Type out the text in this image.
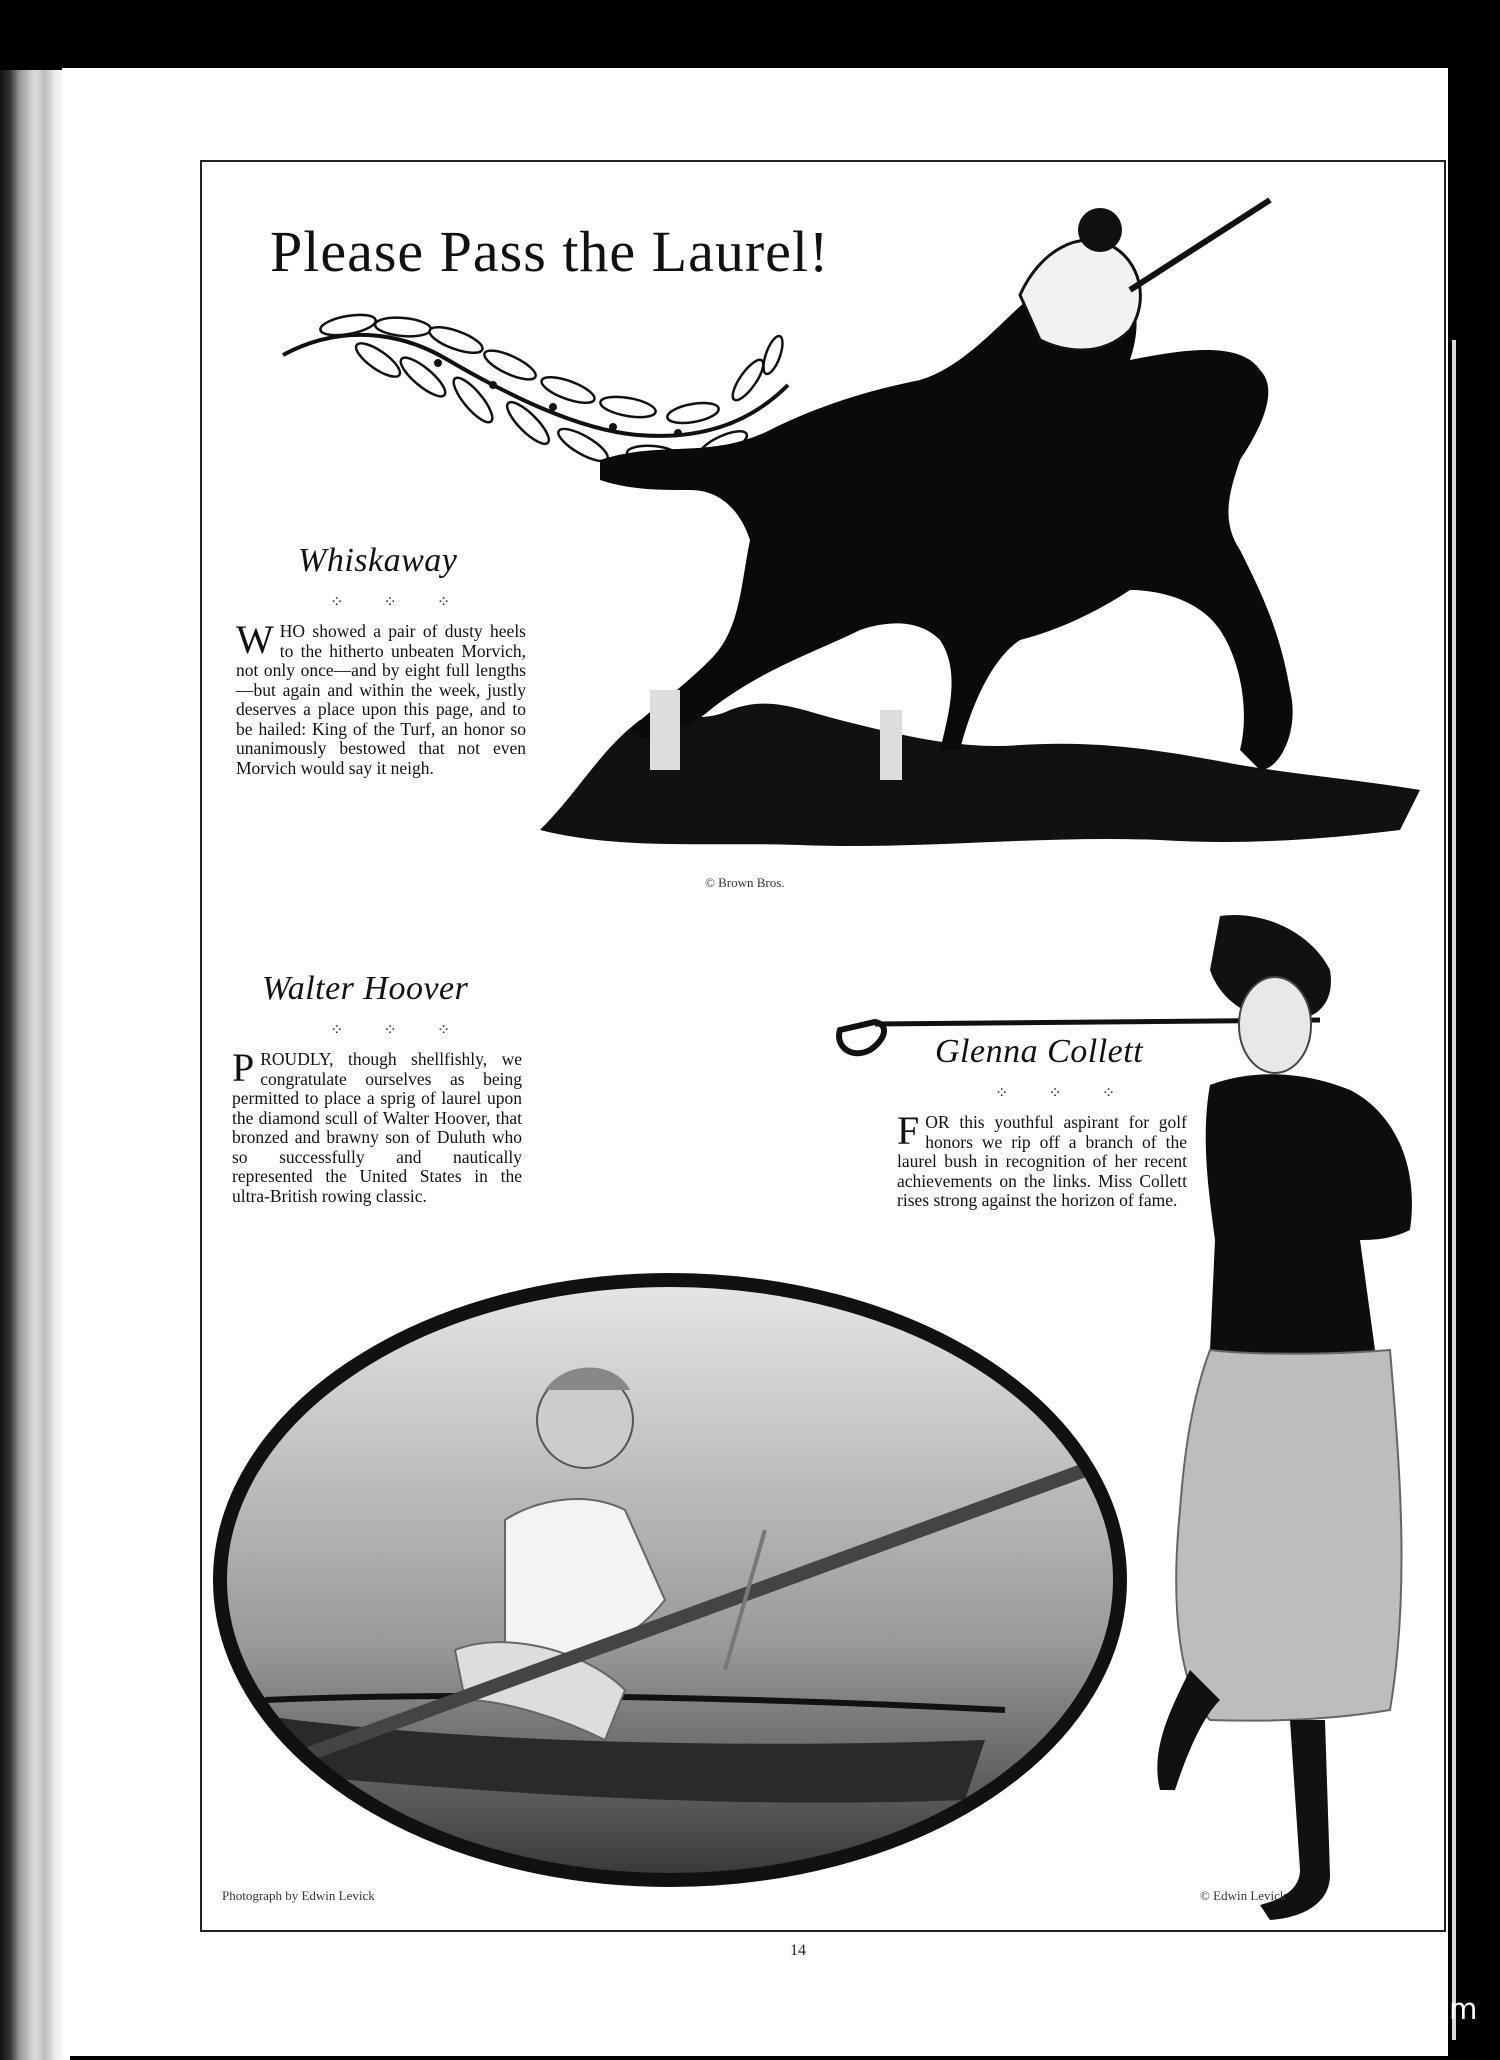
Please Pass the Laurel!
© Brown Bros.
Whiskaway
⁘ ⁘ ⁘

WHO showed a pair of dusty heels to the hitherto unbeaten Morvich, not only once—and by eight full lengths—but again and within the week, justly deserves a place upon this page, and to be hailed: King of the Turf, an honor so unanimously bestowed that not even Morvich would say it neigh.

Walter Hoover
⁘ ⁘ ⁘

PROUDLY, though shellfishly, we congratulate ourselves as being permitted to place a sprig of laurel upon the diamond scull of Walter Hoover, that bronzed and brawny son of Duluth who so successfully and nautically represented the United States in the ultra-British rowing classic.

Glenna Collett
⁘ ⁘ ⁘

FOR this youthful aspirant for golf honors we rip off a branch of the laurel bush in recognition of her recent achievements on the links. Miss Collett rises strong against the horizon of fame.

Photograph by Edwin Levick	© Edwin Levick
14
comicbooks.com
